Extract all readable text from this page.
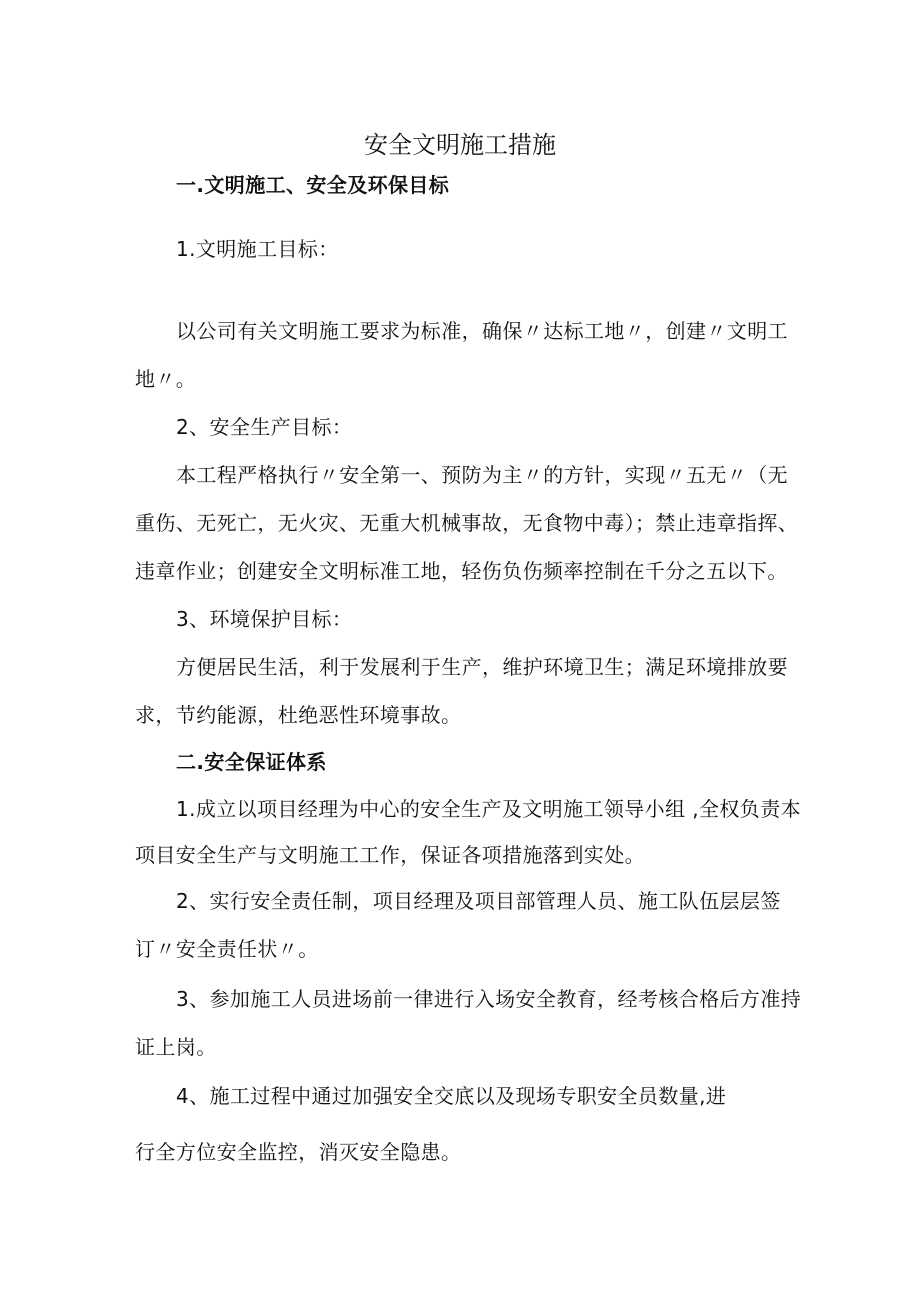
安全文明施工措施
一.文明施工、安全及环保目标
1.文明施工目标：
以公司有关文明施工要求为标准，确保〃达标工地〃，创建〃文明工
地〃。
2、安全生产目标：
本工程严格执行〃安全第一、预防为主〃的方针，实现〃五无〃（无
重伤、无死亡，无火灾、无重大机械事故，无食物中毒）；禁止违章指挥、
违章作业；创建安全文明标准工地，轻伤负伤频率控制在千分之五以下。
3、环境保护目标：
方便居民生活，利于发展利于生产，维护环境卫生；满足环境排放要
求，节约能源，杜绝恶性环境事故。
二.安全保证体系
1.成立以项目经理为中心的安全生产及文明施工领导小组 ,全权负责本
项目安全生产与文明施工工作，保证各项措施落到实处。
2、实行安全责任制，项目经理及项目部管理人员、施工队伍层层签
订〃安全责任状〃。
3、参加施工人员进场前一律进行入场安全教育，经考核合格后方准持
证上岗。
4、施工过程中通过加强安全交底以及现场专职安全员数量,进
行全方位安全监控，消灭安全隐患。
